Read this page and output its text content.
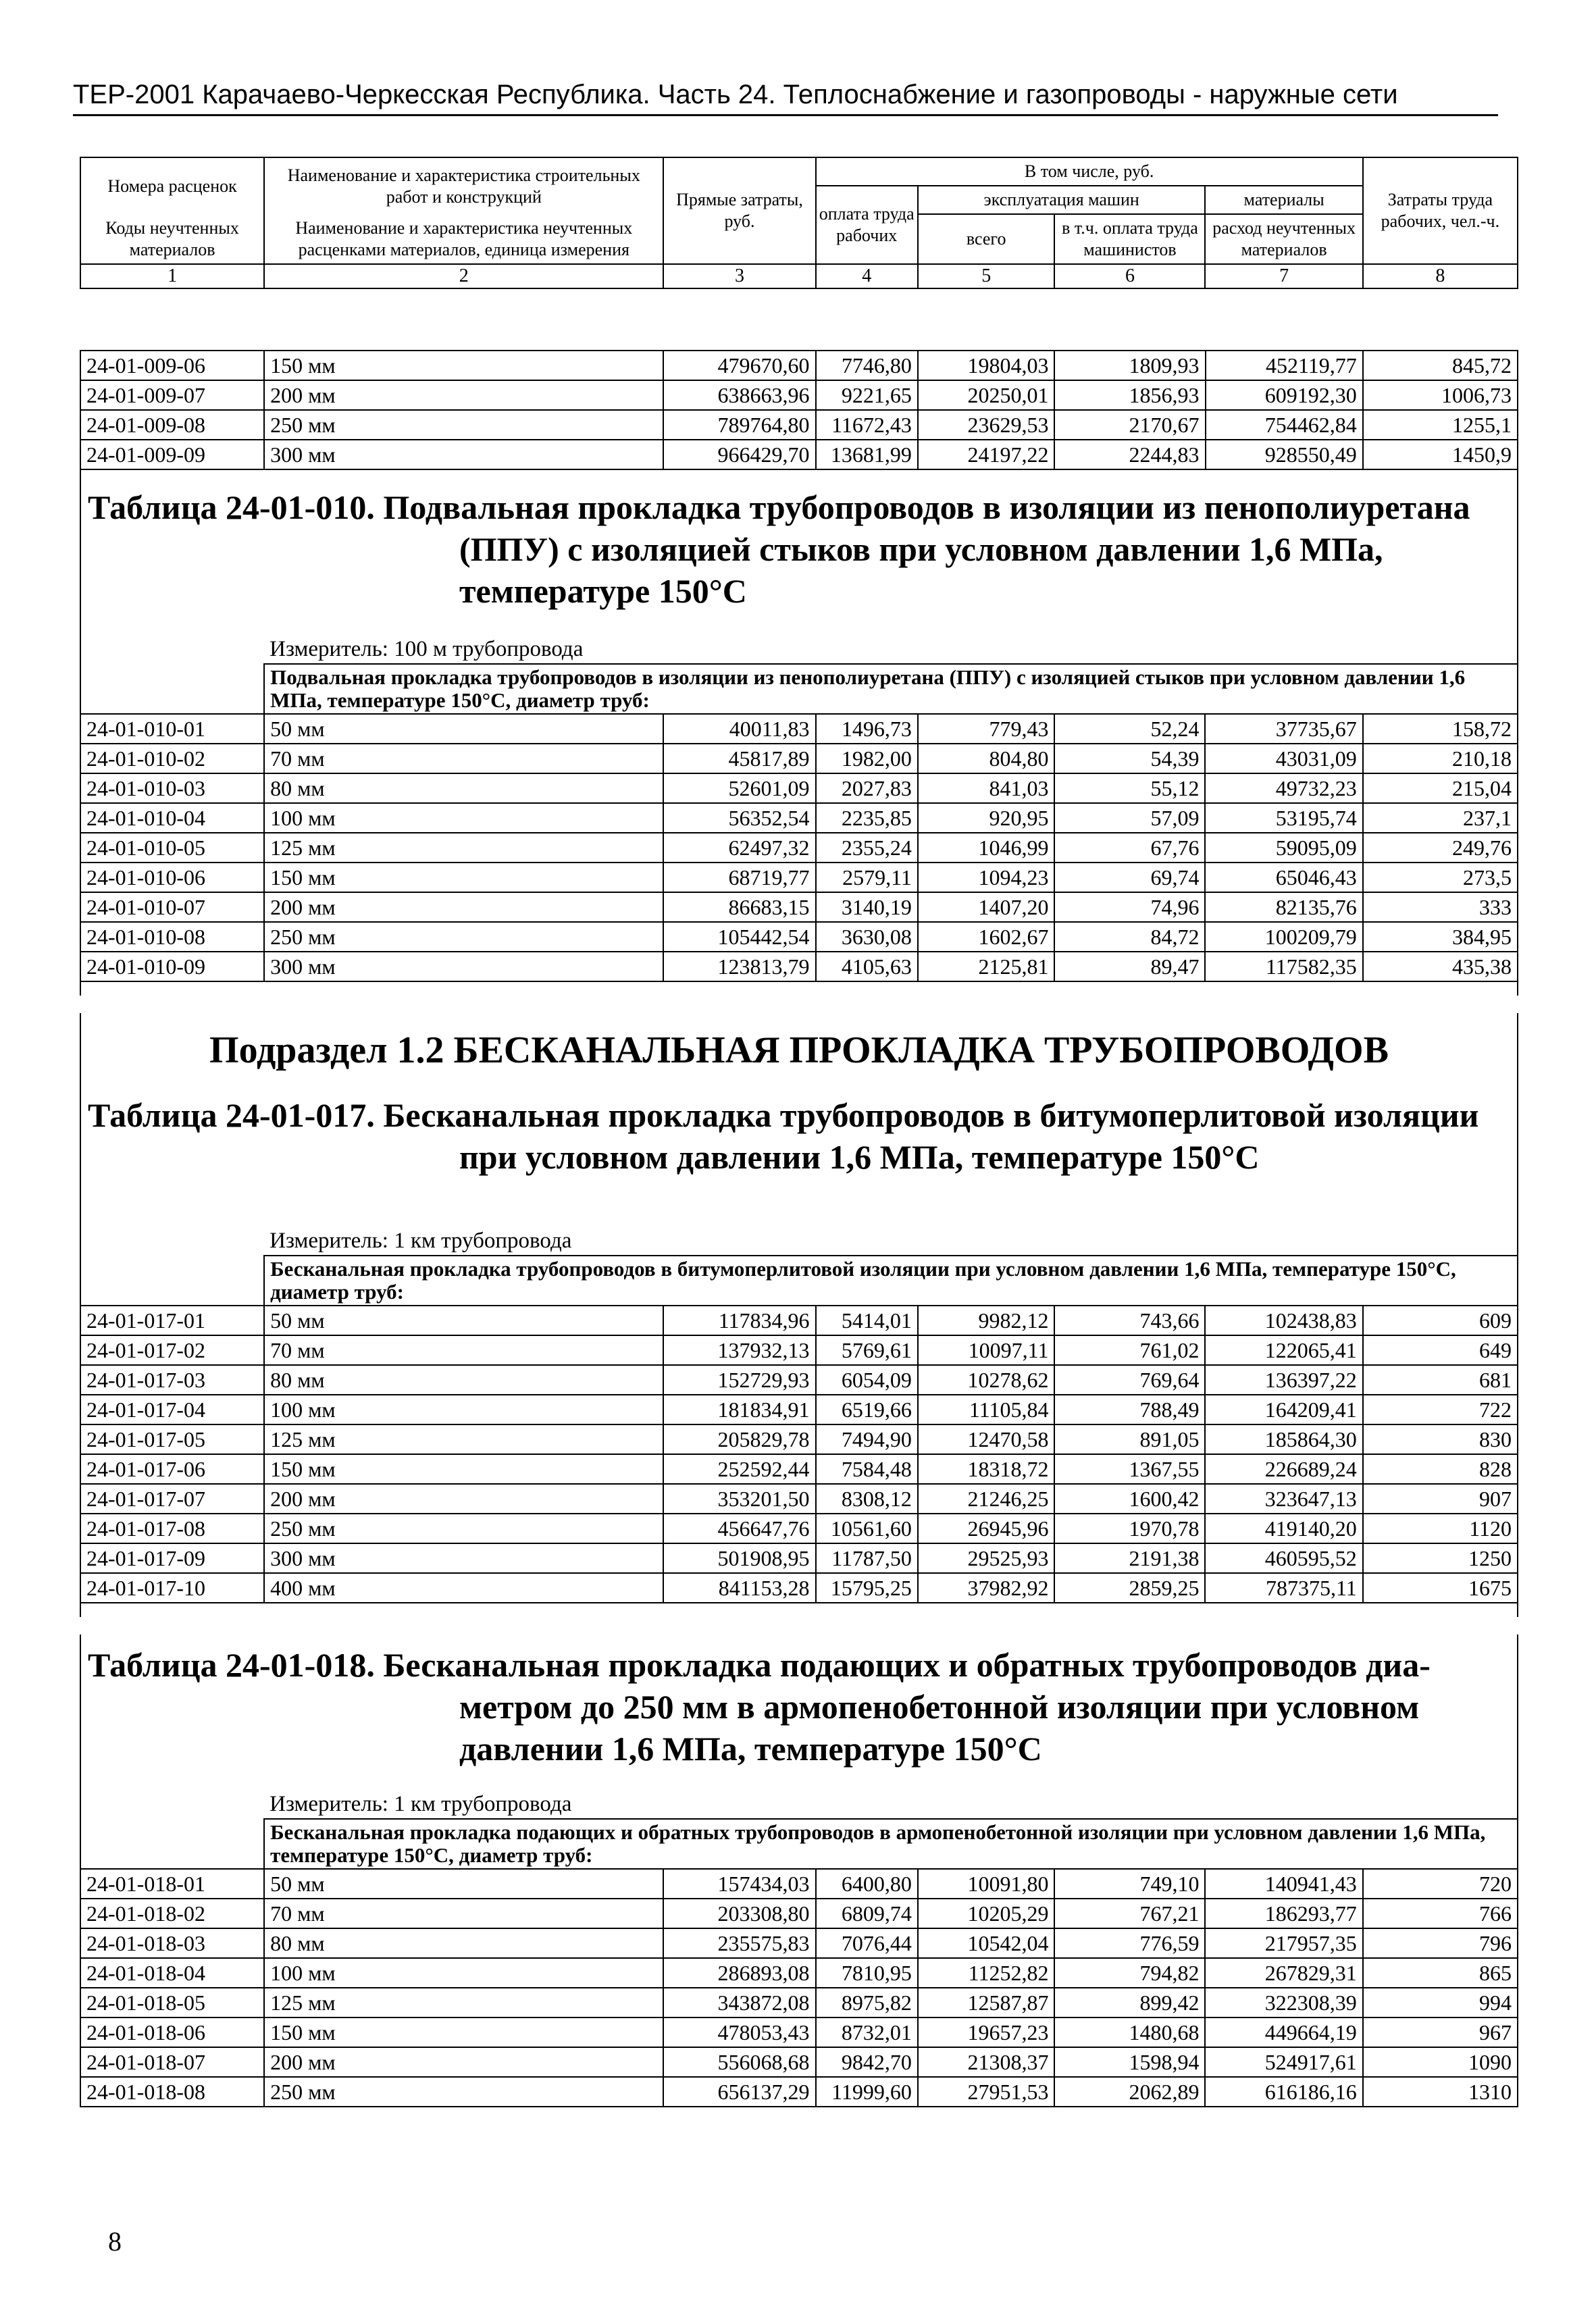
ТЕР-2001 Карачаево-Черкесская Республика. Часть 24. Теплоснабжение и газопроводы - наружные сети
Номера расценок	Наименование и характеристика строительных работ и конструкций	Прямые затраты, руб.	В том числе, руб.				Затраты труда рабочих, чел.-ч.
			оплата труда рабочих	эксплуатация машин		материалы	
Коды неучтенных материалов	Наименование и характеристика неучтенных расценками материалов, единица измерения			всего	в т.ч. оплата труда машинистов	расход неучтенных материалов	

1	2	3	4	5	6	7	8
24-01-009-06	150 мм	479670,60	7746,80	19804,03	1809,93	452119,77	845,72
24-01-009-07	200 мм	638663,96	9221,65	20250,01	1856,93	609192,30	1006,73
24-01-009-08	250 мм	789764,80	11672,43	23629,53	2170,67	754462,84	1255,1
24-01-009-09	300 мм	966429,70	13681,99	24197,22	2244,83	928550,49	1450,9

Таблица 24-01-010. Подвальная прокладка трубопроводов в изоляции из пенополиуретана
(ППУ) с изоляцией стыков при условном давлении 1,6 МПа, температуре 150°С
	Измеритель: 100 м трубопровода						
	Подвальная прокладка трубопроводов в изоляции из пенополиуретана (ППУ) с изоляцией стыков при условном давлении 1,6 МПа, температуре 150°С, диаметр труб:						
24-01-010-01	50 мм	40011,83	1496,73	779,43	52,24	37735,67	158,72
24-01-010-02	70 мм	45817,89	1982,00	804,80	54,39	43031,09	210,18
24-01-010-03	80 мм	52601,09	2027,83	841,03	55,12	49732,23	215,04
24-01-010-04	100 мм	56352,54	2235,85	920,95	57,09	53195,74	237,1
24-01-010-05	125 мм	62497,32	2355,24	1046,99	67,76	59095,09	249,76
24-01-010-06	150 мм	68719,77	2579,11	1094,23	69,74	65046,43	273,5
24-01-010-07	200 мм	86683,15	3140,19	1407,20	74,96	82135,76	333
24-01-010-08	250 мм	105442,54	3630,08	1602,67	84,72	100209,79	384,95
24-01-010-09	300 мм	123813,79	4105,63	2125,81	89,47	117582,35	435,38

Подраздел 1.2 БЕСКАНАЛЬНАЯ ПРОКЛАДКА ТРУБОПРОВОДОВ
Таблица 24-01-017. Бесканальная прокладка трубопроводов в битумоперлитовой изоляции
при условном давлении 1,6 МПа, температуре 150°С
	Измеритель: 1 км трубопровода						
	Бесканальная прокладка трубопроводов в битумоперлитовой изоляции при условном давлении 1,6 МПа, температуре 150°С, диаметр труб:						
24-01-017-01	50 мм	117834,96	5414,01	9982,12	743,66	102438,83	609
24-01-017-02	70 мм	137932,13	5769,61	10097,11	761,02	122065,41	649
24-01-017-03	80 мм	152729,93	6054,09	10278,62	769,64	136397,22	681
24-01-017-04	100 мм	181834,91	6519,66	11105,84	788,49	164209,41	722
24-01-017-05	125 мм	205829,78	7494,90	12470,58	891,05	185864,30	830
24-01-017-06	150 мм	252592,44	7584,48	18318,72	1367,55	226689,24	828
24-01-017-07	200 мм	353201,50	8308,12	21246,25	1600,42	323647,13	907
24-01-017-08	250 мм	456647,76	10561,60	26945,96	1970,78	419140,20	1120
24-01-017-09	300 мм	501908,95	11787,50	29525,93	2191,38	460595,52	1250
24-01-017-10	400 мм	841153,28	15795,25	37982,92	2859,25	787375,11	1675

Таблица 24-01-018. Бесканальная прокладка подающих и обратных трубопроводов диа-
метром до 250 мм в армопенобетонной изоляции при условном давлении 1,6 МПа, температуре 150°С
	Измеритель: 1 км трубопровода						
	Бесканальная прокладка подающих и обратных трубопроводов в армопенобетонной изоляции при условном давлении 1,6 МПа, температуре 150°С, диаметр труб:						
24-01-018-01	50 мм	157434,03	6400,80	10091,80	749,10	140941,43	720
24-01-018-02	70 мм	203308,80	6809,74	10205,29	767,21	186293,77	766
24-01-018-03	80 мм	235575,83	7076,44	10542,04	776,59	217957,35	796
24-01-018-04	100 мм	286893,08	7810,95	11252,82	794,82	267829,31	865
24-01-018-05	125 мм	343872,08	8975,82	12587,87	899,42	322308,39	994
24-01-018-06	150 мм	478053,43	8732,01	19657,23	1480,68	449664,19	967
24-01-018-07	200 мм	556068,68	9842,70	21308,37	1598,94	524917,61	1090
24-01-018-08	250 мм	656137,29	11999,60	27951,53	2062,89	616186,16	1310
8
